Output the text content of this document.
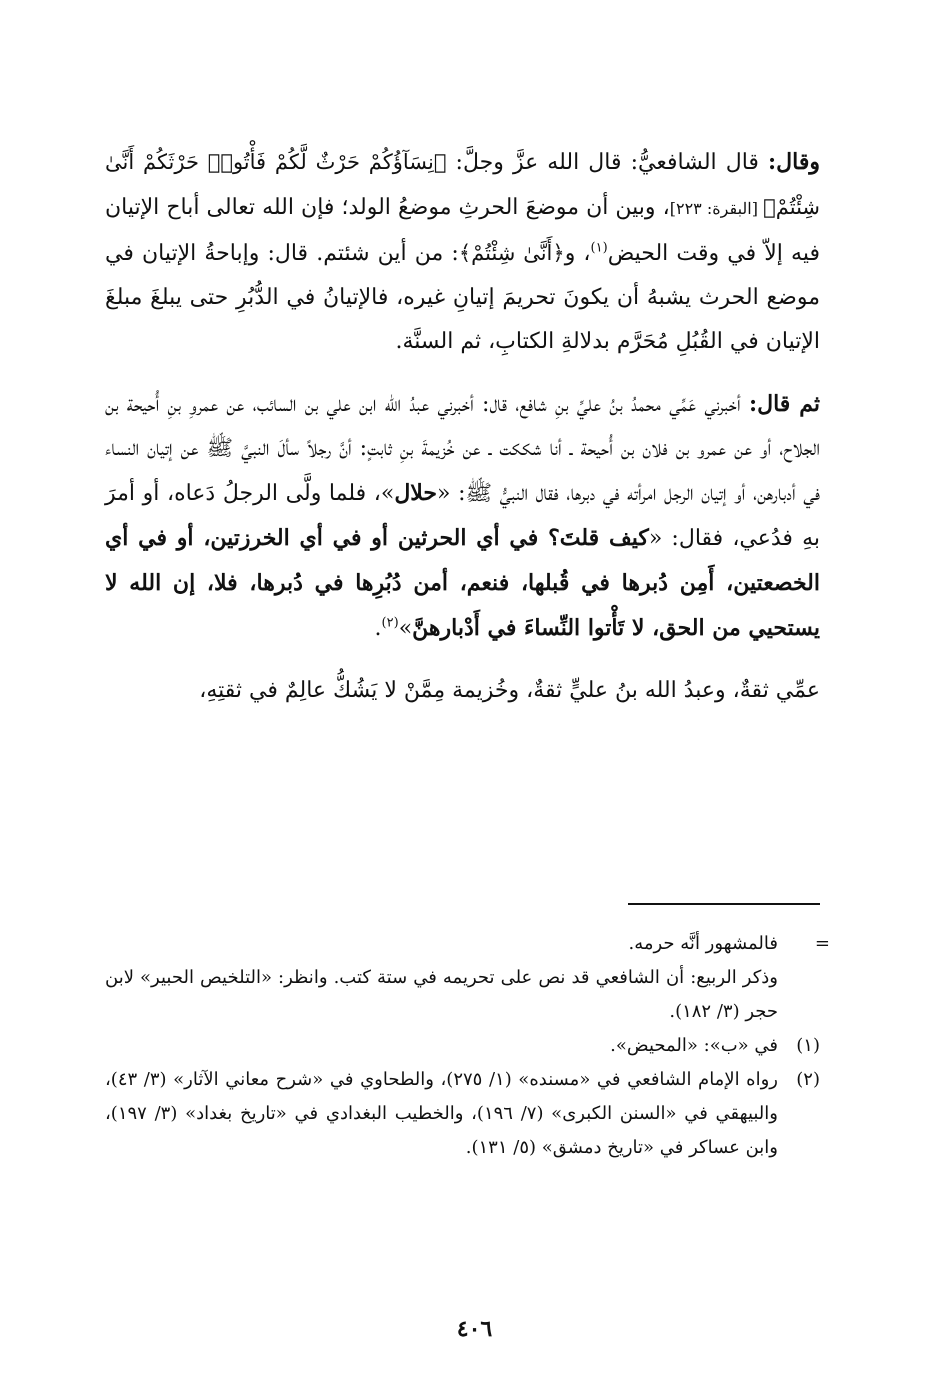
وقال: قال الشافعيُّ: قال الله عزَّ وجلَّ: ﴿نِسَآؤُكُمْ حَرْثٌ لَّكُمْ فَأْتُوا۟ حَرْثَكُمْ أَنَّىٰ شِئْتُمْ﴾ [البقرة: ٢٢٣]، وبين أن موضعَ الحرثِ موضعُ الولد؛ فإن الله تعالى أباح الإتيان فيه إلاّ في وقت الحيض$^{(١)}$، و﴿أَنَّىٰ شِئْتُمْ﴾: من أين شئتم. قال: وإباحةُ الإتيان في موضع الحرث يشبهُ أن يكونَ تحريمَ إتيانِ غيره، فالإتيانُ في الدُّبُرِ حتى يبلغَ مبلغَ الإتيان في القُبُلِ مُحَرَّم بدلالةِ الكتابِ، ثم السنَّة.

ثم قال: أخبرني عَمِّي محمدُ بنُ عليِّ بنِ شافع، قال: أخبرني عبدُ الله ابن علي بن السائب، عن عمروِ بنِ أُحيحة بن الجلاح، أو عن عمرو بن فلان بن أُحيحة ـ أنا شككت ـ عن خُزيمةَ بنِ ثابتٍ: أنَّ رجلاً سألَ النبيَّ ﷺ عن إتيان النساء في أدبارهن، أو إتيان الرجل امرأته في دبرها، فقال النبيُّ ﷺ: «حلال»، فلما ولَّى الرجلُ دَعاه، أو أمرَ بهِ فدُعي، فقال: «كيف قلتَ؟ في أي الحرثين أو في أي الخرزتين، أو في أي الخصعتين، أَمِن دُبرها في قُبلها، فنعم، أمن دُبُرِها في دُبرها، فلا، إن الله لا يستحيي من الحق، لا تَأْتوا النِّساءَ في أَدْبارهنَّ»$^{(٢)}$.

عمِّي ثقةٌ، وعبدُ الله بنُ عليٍّ ثقةٌ، وخُزيمة مِمَّنْ لا يَشُكُّ عالِمٌ في ثقتِهِ،

=
فالمشهور أنَّه حرمه.
وذكر الربيع: أن الشافعي قد نص على تحريمه في ستة كتب. وانظر: «التلخيص الحبير» لابن حجر (٣/ ١٨٢).
(١)
في «ب»: «المحيض».
(٢)
رواه الإمام الشافعي في «مسنده» (١/ ٢٧٥)، والطحاوي في «شرح معاني الآثار» (٣/ ٤٣)، والبيهقي في «السنن الكبرى» (٧/ ١٩٦)، والخطيب البغدادي في «تاريخ بغداد» (٣/ ١٩٧)، وابن عساكر في «تاريخ دمشق» (٥/ ١٣١).
٤٠٦
